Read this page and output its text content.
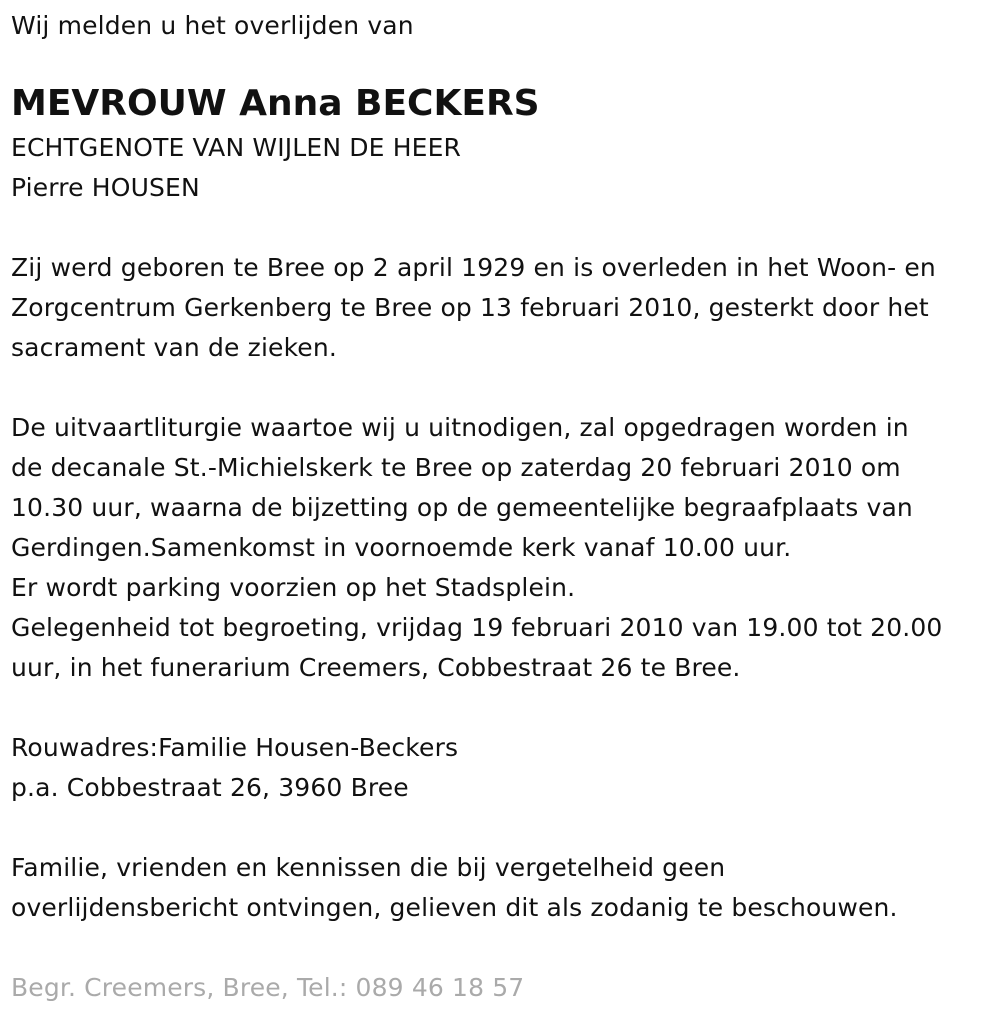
Wij melden u het overlijden van
MEVROUW Anna BECKERS
ECHTGENOTE VAN WIJLEN DE HEER
Pierre HOUSEN
Zij werd geboren te Bree op 2 april 1929 en is overleden in het Woon- en
Zorgcentrum Gerkenberg te Bree op 13 februari 2010, gesterkt door het
sacrament van de zieken.
De uitvaartliturgie waartoe wij u uitnodigen, zal opgedragen worden in
de decanale St.-Michielskerk te Bree op zaterdag 20 februari 2010 om
10.30 uur, waarna de bijzetting op de gemeentelijke begraafplaats van
Gerdingen.Samenkomst in voornoemde kerk vanaf 10.00 uur.
Er wordt parking voorzien op het Stadsplein.
Gelegenheid tot begroeting, vrijdag 19 februari 2010 van 19.00 tot 20.00
uur, in het funerarium Creemers, Cobbestraat 26 te Bree.
Rouwadres:Familie Housen-Beckers
p.a. Cobbestraat 26, 3960 Bree
Familie, vrienden en kennissen die bij vergetelheid geen
overlijdensbericht ontvingen, gelieven dit als zodanig te beschouwen.
Begr. Creemers, Bree, Tel.: 089 46 18 57
